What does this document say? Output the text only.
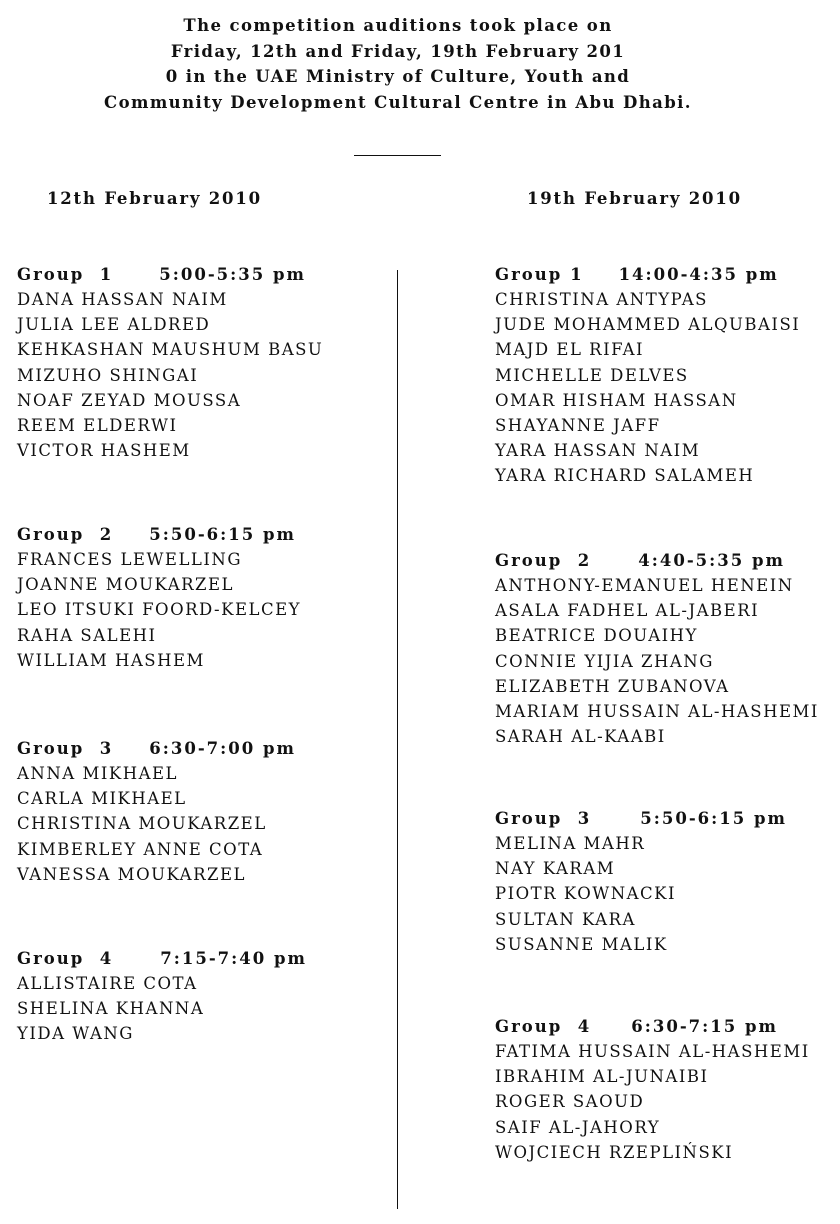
The competition auditions took place on
Friday, 12th and Friday, 19th February 201
0 in the UAE Ministry of Culture, Youth and
Community Development Cultural Centre in Abu Dhabi.
12th February 2010	19th February 2010
Group  1	5:00-5:35 pm
DANA HASSAN NAIM
JULIA LEE ALDRED
KEHKASHAN MAUSHUM BASU
MIZUHO SHINGAI
NOAF ZEYAD MOUSSA
REEM ELDERWI
VICTOR HASHEM
Group  2 5:50-6:15 pm
FRANCES LEWELLING
JOANNE MOUKARZEL
LEO ITSUKI FOORD-KELCEY
RAHA SALEHI
WILLIAM HASHEM
Group  3 6:30-7:00 pm
ANNA MIKHAEL
CARLA MIKHAEL
CHRISTINA MOUKARZEL
KIMBERLEY ANNE COTA
VANESSA MOUKARZEL
Group  4	7:15-7:40 pm
ALLISTAIRE COTA
SHELINA KHANNA
YIDA WANG
Group 1 14:00-4:35 pm
CHRISTINA ANTYPAS
JUDE MOHAMMED ALQUBAISI
MAJD EL RIFAI
MICHELLE DELVES
OMAR HISHAM HASSAN
SHAYANNE JAFF
YARA HASSAN NAIM
YARA RICHARD SALAMEH
Group  2	4:40-5:35 pm
ANTHONY-EMANUEL HENEIN
ASALA FADHEL AL-JABERI
BEATRICE DOUAIHY
CONNIE YIJIA ZHANG
ELIZABETH ZUBANOVA
MARIAM HUSSAIN AL-HASHEMI
SARAH AL-KAABI
Group  3	5:50-6:15 pm
MELINA MAHR
NAY KARAM
PIOTR KOWNACKI
SULTAN KARA
SUSANNE MALIK
Group  4 6:30-7:15 pm
FATIMA HUSSAIN AL-HASHEMI
IBRAHIM AL-JUNAIBI
ROGER SAOUD
SAIF AL-JAHORY
WOJCIECH RZEPLIŃSKI
